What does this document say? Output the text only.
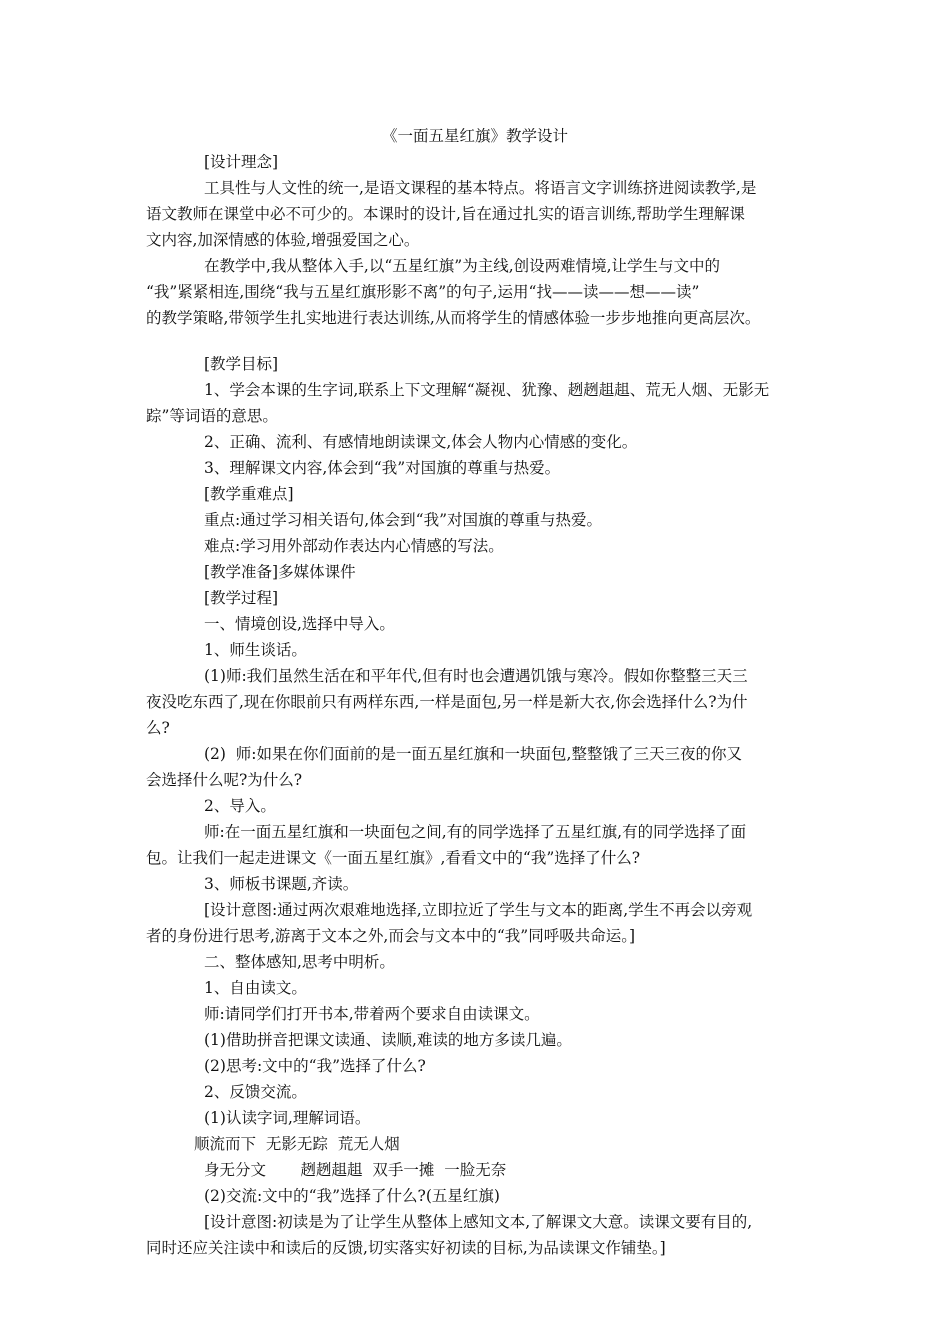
《一面五星红旗》教学设计
[设计理念]
工具性与人文性的统一,是语文课程的基本特点。将语言文字训练挤进阅读教学,是
语文教师在课堂中必不可少的。本课时的设计,旨在通过扎实的语言训练,帮助学生理解课
文内容,加深情感的体验,增强爱国之心。
在教学中,我从整体入手,以“五星红旗”为主线,创设两难情境,让学生与文中的
“我”紧紧相连,围绕“我与五星红旗形影不离”的句子,运用“找——读——想——读”
的教学策略,带领学生扎实地进行表达训练,从而将学生的情感体验一步步地推向更高层次。
[教学目标]
1、学会本课的生字词,联系上下文理解“凝视、犹豫、趔趔趄趄、荒无人烟、无影无
踪”等词语的意思。
2、正确、流利、有感情地朗读课文,体会人物内心情感的变化。
3、理解课文内容,体会到“我”对国旗的尊重与热爱。
[教学重难点]
重点:通过学习相关语句,体会到“我”对国旗的尊重与热爱。
难点:学习用外部动作表达内心情感的写法。
[教学准备]多媒体课件
[教学过程]
一、情境创设,选择中导入。
1、师生谈话。
(1)师:我们虽然生活在和平年代,但有时也会遭遇饥饿与寒冷。假如你整整三天三
夜没吃东西了,现在你眼前只有两样东西,一样是面包,另一样是新大衣,你会选择什么?为什
么?
(2)  师:如果在你们面前的是一面五星红旗和一块面包,整整饿了三天三夜的你又
会选择什么呢?为什么?
2、导入。
师:在一面五星红旗和一块面包之间,有的同学选择了五星红旗,有的同学选择了面
包。让我们一起走进课文《一面五星红旗》,看看文中的“我”选择了什么?
3、师板书课题,齐读。
[设计意图:通过两次艰难地选择,立即拉近了学生与文本的距离,学生不再会以旁观
者的身份进行思考,游离于文本之外,而会与文本中的“我”同呼吸共命运。]
二、整体感知,思考中明析。
1、自由读文。
师:请同学们打开书本,带着两个要求自由读课文。
(1)借助拼音把课文读通、读顺,难读的地方多读几遍。
(2)思考:文中的“我”选择了什么?
2、反馈交流。
(1)认读字词,理解词语。
顺流而下  无影无踪  荒无人烟
身无分文       趔趔趄趄  双手一摊  一脸无奈
(2)交流:文中的“我”选择了什么?(五星红旗)
[设计意图:初读是为了让学生从整体上感知文本,了解课文大意。读课文要有目的,
同时还应关注读中和读后的反馈,切实落实好初读的目标,为品读课文作铺垫。]
